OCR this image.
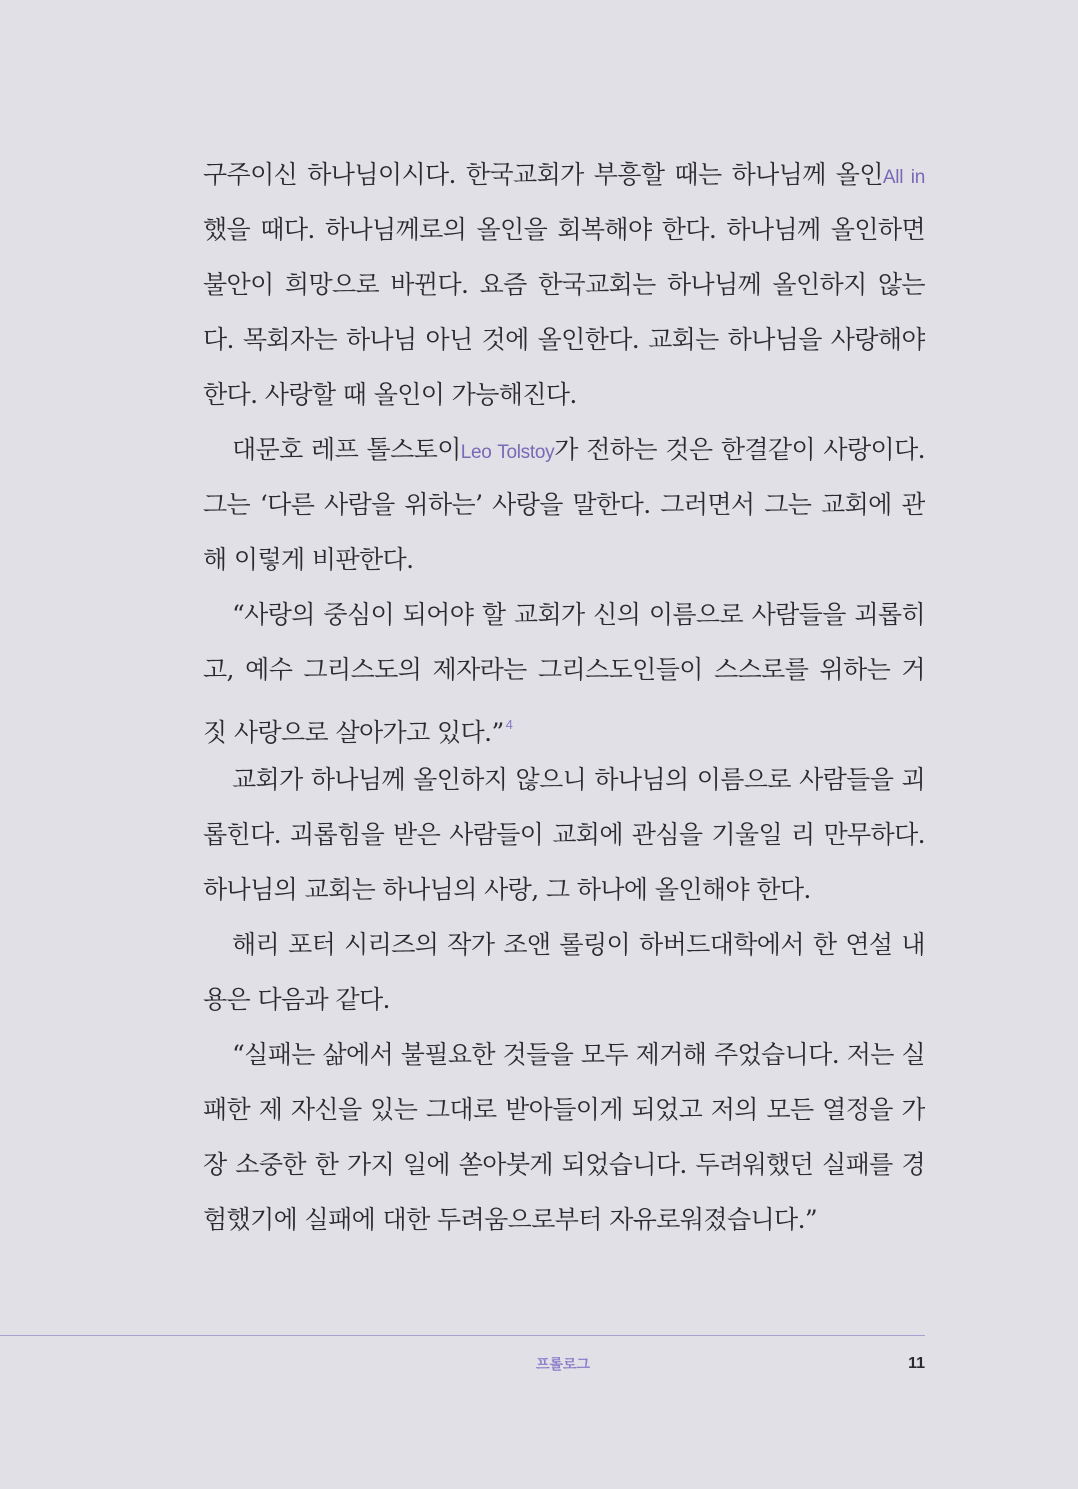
구주이신 하나님이시다. 한국교회가 부흥할 때는 하나님께 올인All in
했을 때다. 하나님께로의 올인을 회복해야 한다. 하나님께 올인하면
불안이 희망으로 바뀐다. 요즘 한국교회는 하나님께 올인하지 않는
다. 목회자는 하나님 아닌 것에 올인한다. 교회는 하나님을 사랑해야
한다. 사랑할 때 올인이 가능해진다.
대문호 레프 톨스토이Leo Tolstoy가 전하는 것은 한결같이 사랑이다.
그는 ‘다른 사람을 위하는’ 사랑을 말한다. 그러면서 그는 교회에 관
해 이렇게 비판한다.
“사랑의 중심이 되어야 할 교회가 신의 이름으로 사람들을 괴롭히
고, 예수 그리스도의 제자라는 그리스도인들이 스스로를 위하는 거
짓 사랑으로 살아가고 있다.” $^4$
교회가 하나님께 올인하지 않으니 하나님의 이름으로 사람들을 괴
롭힌다. 괴롭힘을 받은 사람들이 교회에 관심을 기울일 리 만무하다.
하나님의 교회는 하나님의 사랑, 그 하나에 올인해야 한다.
해리 포터 시리즈의 작가 조앤 롤링이 하버드대학에서 한 연설 내
용은 다음과 같다.
“실패는 삶에서 불필요한 것들을 모두 제거해 주었습니다. 저는 실
패한 제 자신을 있는 그대로 받아들이게 되었고 저의 모든 열정을 가
장 소중한 한 가지 일에 쏟아붓게 되었습니다. 두려워했던 실패를 경
험했기에 실패에 대한 두려움으로부터 자유로워졌습니다.”
프롤로그	11
